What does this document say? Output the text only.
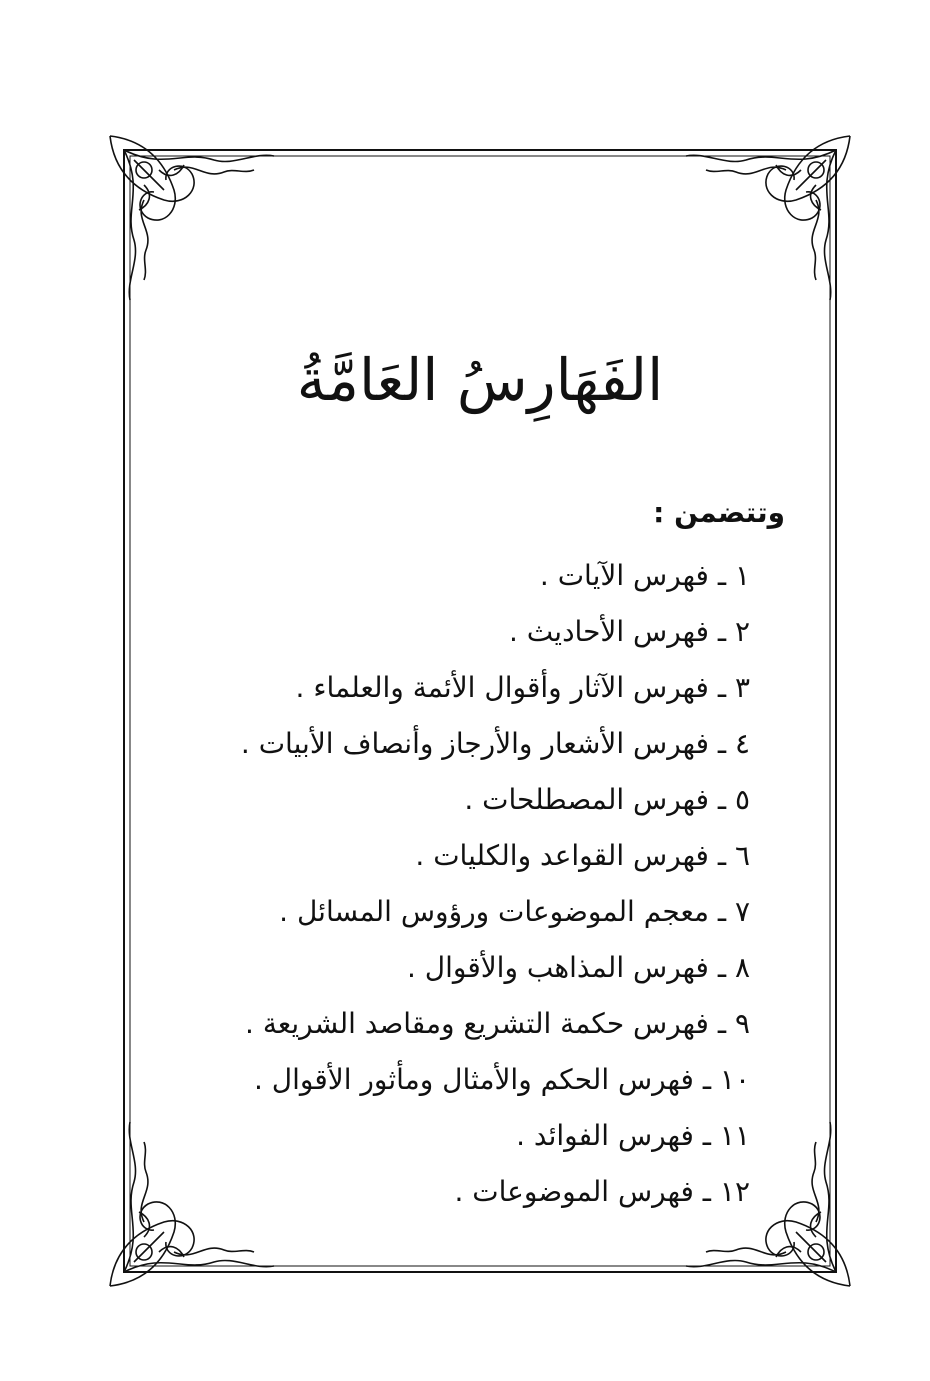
الفَهَارِسُ العَامَّةُ
وتتضمن :
١ ـ فهرس الآيات .
٢ ـ فهرس الأحاديث .
٣ ـ فهرس الآثار وأقوال الأئمة والعلماء .
٤ ـ فهرس الأشعار والأرجاز وأنصاف الأبيات .
٥ ـ فهرس المصطلحات .
٦ ـ فهرس القواعد والكليات .
٧ ـ معجم الموضوعات ورؤوس المسائل .
٨ ـ فهرس المذاهب والأقوال .
٩ ـ فهرس حكمة التشريع ومقاصد الشريعة .
١٠ ـ فهرس الحكم والأمثال ومأثور الأقوال .
١١ ـ فهرس الفوائد .
١٢ ـ فهرس الموضوعات .
